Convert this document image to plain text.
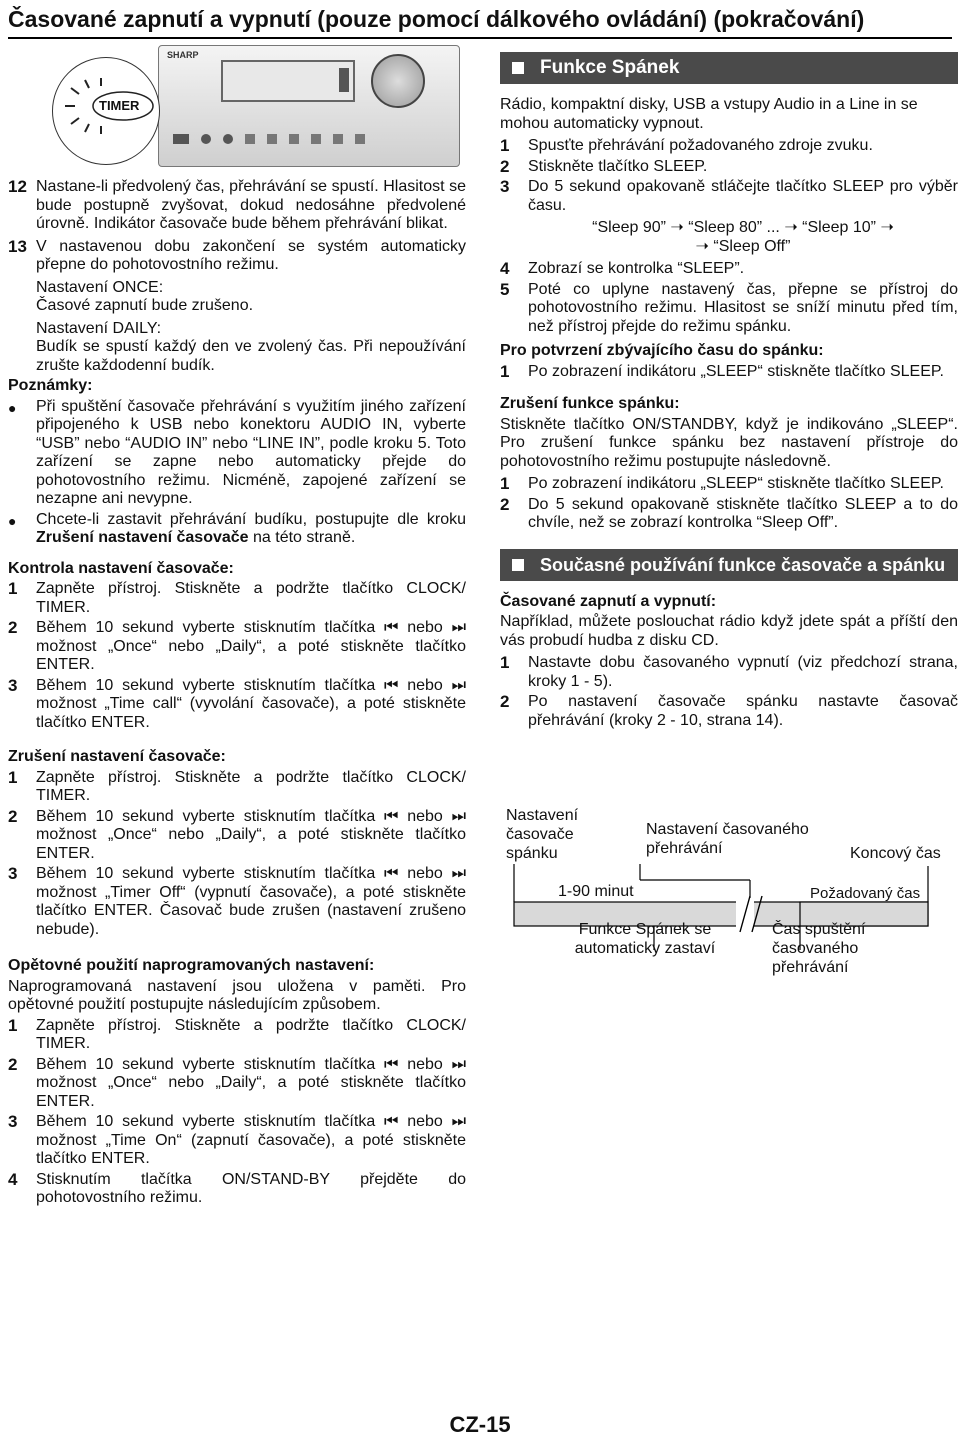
Časované zapnutí a vypnutí (pouze pomocí dálkového ovládání) (pokračování)
SHARP
TIMER
12 Nastane-li předvolený čas, přehrávání se spustí. Hlasitost se bude postupně zvyšovat, dokud nedosáhne předvolené úrovně. Indikátor časovače bude během přehrávání blikat.
13 V nastavenou dobu zakončení se systém automaticky přepne do pohotovostního režimu.

Nastavení ONCE:

Časové zapnutí bude zrušeno.

Nastavení DAILY:

Budík se spustí každý den ve zvolený čas. Při nepoužívání zrušte každodenní budík.

Poznámky:

●	Při spuštění časovače přehrávání s využitím jiného zařízení připojeného k USB nebo konektoru AUDIO IN, vyberte “USB” nebo “AUDIO IN” nebo “LINE IN”, podle kroku 5. Toto zařízení se zapne nebo automaticky přejde do pohotovostního režimu. Nicméně, zapojené zařízení se nezapne ani nevypne.
●	Chcete-li zastavit přehrávání budíku, postupujte dle kroku Zrušení nastavení časovače na této straně.

Kontrola nastavení časovače:

1	Zapněte přístroj. Stiskněte a podržte tlačítko CLOCK/ TIMER.
2	Během 10 sekund vyberte stisknutím tlačítka ⏮ nebo ⏭ možnost „Once“ nebo „Daily“, a poté stiskněte tlačítko ENTER.
3	Během 10 sekund vyberte stisknutím tlačítka ⏮ nebo ⏭ možnost „Time call“ (vyvolání časovače), a poté stiskněte tlačítko ENTER.

Zrušení nastavení časovače:

1	Zapněte přístroj. Stiskněte a podržte tlačítko CLOCK/ TIMER.
2	Během 10 sekund vyberte stisknutím tlačítka ⏮ nebo ⏭ možnost „Once“ nebo „Daily“, a poté stiskněte tlačítko ENTER.
3	Během 10 sekund vyberte stisknutím tlačítka ⏮ nebo ⏭ možnost „Timer Off“ (vypnutí časovače), a poté stiskněte tlačítko ENTER. Časovač bude zrušen (nastavení zrušeno nebude).

Opětovné použití naprogramovaných nastavení:

Naprogramovaná nastavení jsou uložena v paměti. Pro opětovné použití postupujte následujícím způsobem.

1	Zapněte přístroj. Stiskněte a podržte tlačítko CLOCK/ TIMER.
2	Během 10 sekund vyberte stisknutím tlačítka ⏮ nebo ⏭ možnost „Once“ nebo „Daily“, a poté stiskněte tlačítko ENTER.
3	Během 10 sekund vyberte stisknutím tlačítka ⏮ nebo ⏭ možnost „Time On“ (zapnutí časovače), a poté stiskněte tlačítko ENTER.
4	Stisknutím tlačítka ON/STAND-BY přejděte do pohotovostního režimu.
Funkce Spánek

Rádio, kompaktní disky, USB a vstupy Audio in a Line in se mohou automaticky vypnout.

1	Spusťte přehrávání požadovaného zdroje zvuku.
2	Stiskněte tlačítko SLEEP.
3	Do 5 sekund opakovaně stláčejte tlačítko SLEEP pro výběr času.

“Sleep 90” ➝ “Sleep 80” ... ➝ “Sleep 10” ➝

➝ “Sleep Off”

4	Zobrazí se kontrolka “SLEEP”.
5	Poté co uplyne nastavený čas, přepne se přístroj do pohotovostního režimu. Hlasitost se sníží minutu před tím, než přístroj přejde do režimu spánku.

Pro potvrzení zbývajícího času do spánku:

1	Po zobrazení indikátoru „SLEEP“ stiskněte tlačítko SLEEP.

Zrušení funkce spánku:

Stiskněte tlačítko ON/STANDBY, když je indikováno „SLEEP“. Pro zrušení funkce spánku bez nastavení přístroje do pohotovostního režimu postupujte následovně.

1	Po zobrazení indikátoru „SLEEP“ stiskněte tlačítko SLEEP.
2	Do 5 sekund opakovaně stiskněte tlačítko SLEEP a to do chvíle, než se zobrazí kontrolka “Sleep Off”.
Současné používání funkce časovače a spánku

Časované zapnutí a vypnutí:

Například, můžete poslouchat rádio když jdete spát a příští den vás probudí hudba z disku CD.

1	Nastavte dobu časovaného vypnutí (viz předchozí strana, kroky 1 - 5).
2	Po nastavení časovače spánku nastavte časovač přehrávání (kroky 2 - 10, strana 14).
Nastavení časovače spánku
Nastavení časovaného přehrávání	Koncový čas
1-90 minut	Požadovaný čas
Funkce Spánek se automaticky zastaví
Čas spuštění časovaného přehrávání
CZ-15
